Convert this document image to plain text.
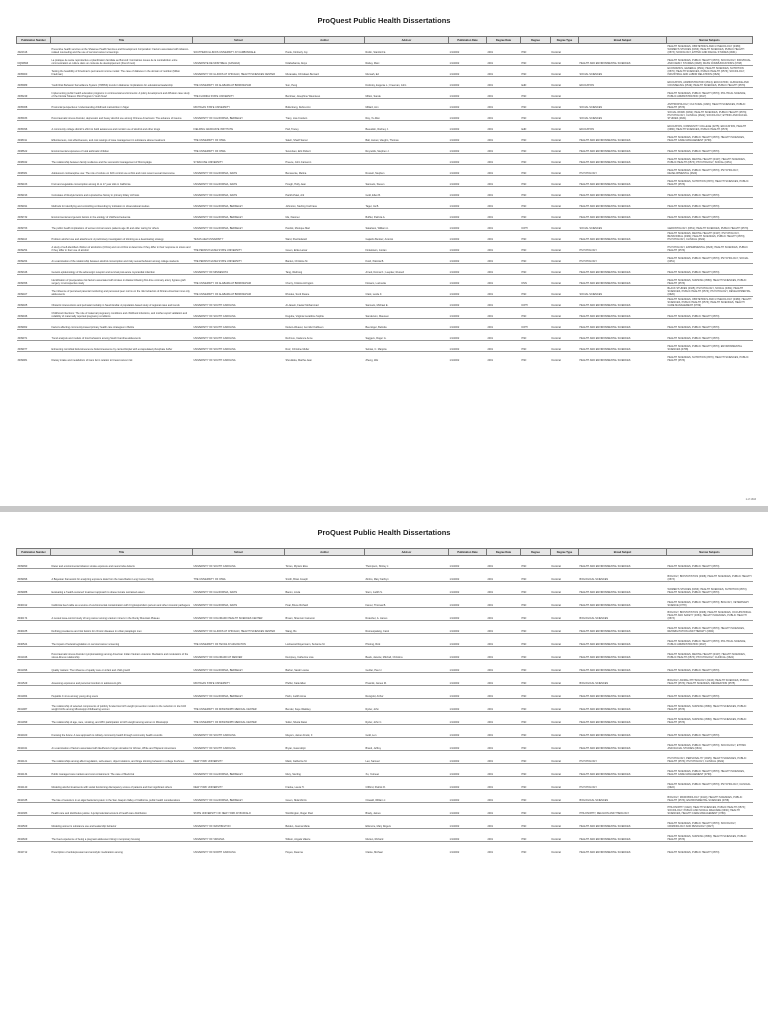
ProQuest Public Health Dissertations
Publication Number	Title	School	Author	Advisor	Publication Date	Degree Date	Degree	Degree Type	Broad Subject	Narrow Subjects
3022316	Preventive health services at the Shawnee Health Services and Development Corporation: Factors associated with tobacco-related counseling and the use of cervical cancer screenings	SOUTHERN ILLINOIS UNIVERSITY AT CARBONDALE	Poole, Kimberly Joy	Rubin, Stanford E.	1/1/2002	2001	PhD	Doctoral		HEALTH SCIENCES, OBSTETRICS AND GYNECOLOGY (0380); WOMEN'S STUDIES (0453); HEALTH SCIENCES, PUBLIC HEALTH (0573); SOCIOLOGY, ETHNIC AND RACIAL STUDIES (0631)
NQ66693	La pratique de sante reproductive et planification familiale au Burundi: Contraintes issues de la contradiction entre communication et culture dans un contexte de developpement (French text)	UNIVERSITE DE MONTREAL (CANADA)	Ndabahamia, Aloys	Rabey, Marc	1/1/2002	2001	PhD	Doctoral	HEALTH AND ENVIRONMENTAL SCIENCES	HEALTH SCIENCES, PUBLIC HEALTH (0573); SOCIOLOGY, INDIVIDUAL AND FAMILY STUDIES (0628); MASS COMMUNICATIONS (0708)
3035900	Testing the feasibility of Friedman's permanent income model: The case of diabetes in the domain of nutrition (Milton Friedman)	UNIVERSITY OF ILLINOIS AT CHICAGO, HEALTH SCIENCES CENTER	Muranaka, Christiaan Bernard	Mensah, Ed	1/1/2002	2001	PhD	Doctoral	SOCIAL SCIENCES	ECONOMICS, GENERAL (0501); HEALTH SCIENCES, NUTRITION (0570); HEALTH SCIENCES, PUBLIC HEALTH (0573); SOCIOLOGY, INDUSTRIAL AND LABOR RELATIONS (0629)
3035989	Youth Risk Behavior Surveillance System (YRBSS) trends in Alabama: Implications for educational leadership	THE UNIVERSITY OF ALABAMA AT BIRMINGHAM	Sun, Peng	Dulinsky, Eugenie L.; Freeman, John	1/1/2002	2001	EdD	Doctoral	EDUCATION	EDUCATION, ADMINISTRATION (0514); EDUCATION, GUIDANCE AND COUNSELING (0519); HEALTH SCIENCES, PUBLIC HEALTH (0573)
3035249	Implementing public health education programs in controversial environments: A policy development and diffusion case study of the Florida Tobacco Pilot Program's Youth Now!	THE FLORIDA STATE UNIVERSITY	Bershaw, Josephine Wiesnieso	Milton, Sande	1/1/2002	2001	PhD	Doctoral		HEALTH SCIENCES, PUBLIC HEALTH (0573); POLITICAL SCIENCE, PUBLIC ADMINISTRATION (0617)
3035068	Provincial perspectives: Understanding childhood malnutrition in Niger	MICHIGAN STATE UNIVERSITY	Bollenberg, Debra Ann	Millard, Ann	1/1/2002	2001	PhD	Doctoral	SOCIAL SCIENCES	ANTHROPOLOGY, CULTURAL (0326); HEALTH SCIENCES, PUBLIC HEALTH (0573)
3035933	Post-traumatic stress disorder, depression and heavy alcohol use among Chinese Americans: The advance of trauma	UNIVERSITY OF CALIFORNIA, BERKELEY	Tracy, Lisa Coulson	Ray, Yu-Wen	1/1/2002	2001	PhD	Doctoral	SOCIAL SCIENCES	SOCIAL WORK (0452); HEALTH SCIENCES, PUBLIC HEALTH (0573); PSYCHOLOGY, CLINICAL (0622); SOCIOLOGY, ETHNIC AND RACIAL STUDIES (0631)
3035096	A community college district's effort to build awareness and monitor use of alcohol and other drugs	FIELDING GRADUATE INSTITUTE	Hall, Tracey	Beaudoin, Rodney J.	1/1/2002	2001	EdD	Doctoral	EDUCATION	EDUCATION, COMMUNITY COLLEGE (0275); EDUCATION, HEALTH (0680); HEALTH SCIENCES, PUBLIC HEALTH (0573)
3038011	Effectiveness, cost effectiveness, and cost savings of case management in substance abuse treatment	THE UNIVERSITY OF IOWA	Saleh, Sharif Samer	Ball, James; Vaughn, Thomas	1/1/2002	2001	PhD	Doctoral	HEALTH AND ENVIRONMENTAL SCIENCES	HEALTH SCIENCES, PUBLIC HEALTH (0573); HEALTH SCIENCES, HEALTH CARE MANAGEMENT (0769)
3038622	Environmental exposures of rural asthmatic children	THE UNIVERSITY OF IOWA	Svendsen, Erik Robert	Reynolds, Stephen J.	1/1/2002	2001	PhD	Doctoral	HEALTH AND ENVIRONMENTAL SCIENCES	HEALTH SCIENCES, PUBLIC HEALTH (0573)
3038942	The relationship between family resilience and the successful management of fibromyalgia	SYRACUSE UNIVERSITY	Preece, John Cameron		1/1/2002	2001	PhD	Doctoral	HEALTH AND ENVIRONMENTAL SCIENCES	HEALTH SCIENCES, MENTAL HEALTH (0347); HEALTH SCIENCES, PUBLIC HEALTH (0573); PSYCHOLOGY, SOCIAL (0451)
3038381	Adolescent contraceptive use: The role of culture on birth control use at first and most recent sexual intercourse	UNIVERSITY OF CALIFORNIA, DAVIS	Benavente, Melina	Russell, Stephen	1/1/2002	2001	PhD	Doctoral	PSYCHOLOGY	HEALTH SCIENCES, PUBLIC HEALTH (0573); PSYCHOLOGY, DEVELOPMENTAL (0620)
3039163	Fruit and vegetable consumption among 11 to 17 year olds in California	UNIVERSITY OF CALIFORNIA, DAVIS	Hough, Holly Jean	Samuels, Steven	1/1/2002	2001	PhD	Doctoral	HEALTH AND ENVIRONMENTAL SCIENCES	HEALTH SCIENCES, NUTRITION (0570); HEALTH SCIENCES, PUBLIC HEALTH (0573)
3039193	Correlates of lifestyle factors and reproductive history in primary biliary cirrhosis	UNIVERSITY OF CALIFORNIA, DAVIS	Parikh-Patel, Arti	Gold, Ellen B.	1/1/2002	2001	PhD	Doctoral	HEALTH AND ENVIRONMENTAL SCIENCES	HEALTH SCIENCES, PUBLIC HEALTH (0573)
3039491	Methods for identifying and controlling confounding by indication in observational studies	UNIVERSITY OF CALIFORNIA, BERKELEY	Johnston, Sterling Cochrane	Tager, Ira B.	1/1/2002	2001	PhD	Doctoral	HEALTH AND ENVIRONMENTAL SCIENCES	HEALTH SCIENCES, PUBLIC HEALTH (0573)
3039732	Environmental and genetic factors in the etiology of childhood leukemia	UNIVERSITY OF CALIFORNIA, BERKELEY	Ma, Xiaomei	Buffler, Patricia A.	1/1/2002	2001	PhD	Doctoral	HEALTH AND ENVIRONMENTAL SCIENCES	HEALTH SCIENCES, PUBLIC HEALTH (0573)
3039763	The public health implications of women-formal carers patients age 40 and older caring for others	UNIVERSITY OF CALIFORNIA, BERKELEY	Pavlick, Monique Mari	Satariano, William A.	1/1/2002	2001	DrPH	Doctoral	SOCIAL SCIENCES	GERONTOLOGY (0351); HEALTH SCIENCES, PUBLIC HEALTH (0573)
3039116	Problem alcohol use and attachment: A preliminary investigation of drinking as a deactivating strategy	TEXAS A&M UNIVERSITY	Ward, Paul Edward	Gajardo Benitez, Antonio	1/1/2002	2001	PhD	Doctoral	HEALTH AND ENVIRONMENTAL SCIENCES	HEALTH SCIENCES, MENTAL HEALTH (0347); PSYCHOLOGY, BEHAVIORAL (0384); HEALTH SCIENCES, PUBLIC HEALTH (0573); PSYCHOLOGY, CLINICAL (0622)
3039254	A study of self-identified children of alcoholics (COAs) and non-COAs to determine if they differ in their response to stress and if they differ in their use of alcohol	THE PENNSYLVANIA STATE UNIVERSITY	Green, Erika Lamar	Finkelstein, Jordan	1/1/2002	2001	PhD	Doctoral	PSYCHOLOGY	PSYCHOLOGY, EXPERIMENTAL (0623); HEALTH SCIENCES, PUBLIC HEALTH (0573)
3039264	An examination of the relationship between alcohol consumption and risky sexual behavior among college students	THE PENNSYLVANIA STATE UNIVERSITY	Banlen, Christine M.	Kosh, Patricia B.	1/1/2002	2001	PhD	Doctoral	PSYCHOLOGY	HEALTH SCIENCES, PUBLIC HEALTH (0573); PSYCHOLOGY, SOCIAL (0451)
3039346	Genetic epidemiology of the adrenergic receptor and survival post-acute myocardial infarction	UNIVERSITY OF MINNESOTA	Tang, Weihong	Arnett, Donna K.; Luepker, Russell	1/1/2002	2001	PhD	Doctoral	HEALTH AND ENVIRONMENTAL SCIENCES	HEALTH SCIENCES, PUBLIC HEALTH (0573)
3039356	Identification of preoperative risk factors associated with strokes in Alaska following first-time coronary artery bypass graft surgery: A retrospective study	THE UNIVERSITY OF ALABAMA AT BIRMINGHAM	Cherry, Kristina Arrington	Flowers, Lucinetta	1/1/2002	2001	DSN	Doctoral	HEALTH AND ENVIRONMENTAL SCIENCES	HEALTH SCIENCES, NURSING (0569); HEALTH SCIENCES, PUBLIC HEALTH (0573)
3039407	The influence of perceived parental monitoring and perceived peer norms on the risk behaviors of African-American inner-city adolescents	THE UNIVERSITY OF ALABAMA AT BIRMINGHAM	Rhodes, Scott Duane	Clark, Leslie F.	1/1/2002	2001	PhD	Doctoral	SOCIAL SCIENCES	BLACK STUDIES (0325); PSYCHOLOGY, SOCIAL (0451); HEALTH SCIENCES, PUBLIC HEALTH (0573); PSYCHOLOGY, DEVELOPMENTAL (0620)
3039925	Obstetric interventions and perinatal mortality in Saudi Arabia: A population-based study of regional rates and trends	UNIVERSITY OF SOUTH CAROLINA	Al-Jaieeb, Fawaz Mohammad	Samuels, Michael E.	1/1/2002	2001	DrPH	Doctoral	HEALTH AND ENVIRONMENTAL SCIENCES	HEALTH SCIENCES, OBSTETRICS AND GYNECOLOGY (0380); HEALTH SCIENCES, PUBLIC HEALTH (0573); HEALTH SCIENCES, HEALTH CARE MANAGEMENT (0769)
3039946	Childhood infections: The role of maternal pregnancy conditions and childhood infections, and mother-report validation and reliability of maternally reported pregnancy conditions	UNIVERSITY OF SOUTH CAROLINA	Dugube, Virginia Geraldine Sophie	Sanderson, Maureen	1/1/2002	2001	PhD	Doctoral	HEALTH AND ENVIRONMENTAL SCIENCES	HEALTH SCIENCES, PUBLIC HEALTH (0573)
3039962	Factors affecting community-based primary health care strategies in Belize	UNIVERSITY OF SOUTH CAROLINA	Nelson-Weaver, Jennifer Kathleen	Beeninger, Belinda	1/1/2002	2001	DrPH	Doctoral	HEALTH AND ENVIRONMENTAL SCIENCES	HEALTH SCIENCES, PUBLIC HEALTH (0573)
3039971	Trend analysis and models of food behaviors among South Carolina adolescents	UNIVERSITY OF SOUTH CAROLINA	Rehmus, Cadence Anne	Saggers, Roger G.	1/1/2002	2001	PhD	Doctoral	HEALTH AND ENVIRONMENTAL SCIENCES	HEALTH SCIENCES, PUBLIC HEALTH (0573)
3039977	Enhancing microbial bioluminescence bioluminescence by carrier/droplet with encapsulated phosphate buffer	UNIVERSITY OF SOUTH CAROLINA	Ruiz, Christine Muller	Sebias, C. Marjorie	1/1/2002	2001	PhD	Doctoral	HEALTH AND ENVIRONMENTAL SCIENCES	HEALTH SCIENCES, PUBLIC HEALTH (0573); ENVIRONMENTAL SCIENCES (0768)
3039981	Dietary intake and metabolism of trans fat in relation to breast cancer risk	UNIVERSITY OF SOUTH CAROLINA	Shouldula, Martha Jean	Zheng, Wei	1/1/2002	2001	PhD	Doctoral	HEALTH AND ENVIRONMENTAL SCIENCES	HEALTH SCIENCES, NUTRITION (0570); HEALTH SCIENCES, PUBLIC HEALTH (0573)
1 of 1316
ProQuest Public Health Dissertations
Publication Number	Title	School	Author	Advisor	Publication Date	Degree Date	Degree	Degree Type	Broad Subject	Narrow Subjects
3039990	Dieter and environmental tobacco smoke exposure and neural tube defects	UNIVERSITY OF SOUTH CAROLINA	Torres, Myriam Elsa	Thompson, Shirley J.	1/1/2002	2001	PhD	Doctoral	HEALTH AND ENVIRONMENTAL SCIENCES	HEALTH SCIENCES, PUBLIC HEALTH (0573)
3039996	A Bayesian framework for analyzing exposure data from the Iowa Radon Lung Cancer Study	THE UNIVERSITY OF IOWA	Smith, Brian Joseph	Zimbo, Mary Kathryn	1/1/2002	2001	PhD	Doctoral	BIOLOGICAL SCIENCES	BIOLOGY, BIOSTATISTICS (0308); HEALTH SCIENCES, PUBLIC HEALTH (0573)
3039988	Evaluating a 'health-centered' treatment approach to obese female restrained eaters	UNIVERSITY OF CALIFORNIA, DAVIS	Bacon, Linda	Stern, Judith S.	1/1/2002	2001	PhD	Doctoral	HEALTH AND ENVIRONMENTAL SCIENCES	WOMEN'S STUDIES (0453); HEALTH SCIENCES, NUTRITION (0570); HEALTH SCIENCES, PUBLIC HEALTH (0573)
3040012	California beef cattle as a source of environmental contamination with Cryptosporidium parvum and other zoonotic pathogens	UNIVERSITY OF CALIFORNIA, DAVIS	Hoar, Bruce Richard	Farver, Thomas B.	1/1/2002	2001	PhD	Doctoral	HEALTH AND ENVIRONMENTAL SCIENCES	HEALTH SCIENCES, PUBLIC HEALTH (0573); BIOLOGY, VETERINARY SCIENCE (0778)
3040174	A nested case-control study of lung cancer among uranium miners in the Rocky Mountain Plateau	UNIVERSITY OF COLORADO HEALTH SCIENCES CENTER	Brown, Shannon Cameron	Rutenber, A. James	1/1/2002	2001	PhD	Doctoral	BIOLOGICAL SCIENCES	BIOLOGY, BIOSTATISTICS (0308); HEALTH SCIENCES, OCCUPATIONAL HEALTH AND SAFETY (0354); HEALTH SCIENCES, PUBLIC HEALTH (0573)
3040185	Defining prevalence and risk factors for chronic diseases in urban paraplegic men	UNIVERSITY OF ILLINOIS AT CHICAGO, HEALTH SCIENCES CENTER	Wang, Bo	Roonespalang, Carol	1/1/2002	2001	PhD	Doctoral	HEALTH AND ENVIRONMENTAL SCIENCES	HEALTH SCIENCES, PUBLIC HEALTH (0573); HEALTH SCIENCES, REHABILITATION AND THERAPY (0382)
3040524	The impact of federal legislation on cervical cancer screening	THE UNIVERSITY OF TEXAS AT ARLINGTON	Lockwood Rayermann, Suzanne M.	Pfoning, Rick	1/1/2002	2001	PhD	Doctoral	HEALTH AND ENVIRONMENTAL SCIENCES	HEALTH SCIENCES, PUBLIC HEALTH (0573); POLITICAL SCIENCE, PUBLIC ADMINISTRATION (0617)
3041046	Post-traumatic stress disorder symptomatology among American Indian Vietnam veterans: Mediators and moderators of the stress-illness relationship	UNIVERSITY OF COLORADO AT DENVER	Dempsey, Catherine Lisa	Beals, Janette; Mitchell, Christina	1/1/2002	2001	PhD	Doctoral	HEALTH AND ENVIRONMENTAL SCIENCES	HEALTH SCIENCES, MENTAL HEALTH (0347); HEALTH SCIENCES, PUBLIC HEALTH (0573); PSYCHOLOGY, CLINICAL (0622)
3041096	Quality matters: The influence of quality care on infant and child growth	UNIVERSITY OF CALIFORNIA, BERKELEY	Barber, Sarah Louise	Gertler, Paul J.	1/1/2002	2001	PhD	Doctoral	HEALTH AND ENVIRONMENTAL SCIENCES	HEALTH SCIENCES, PUBLIC HEALTH (0573)
3041529	Assessing exposures and personal monitors in adolescent girls	MICHIGAN STATE UNIVERSITY	Pfeffer, Katie Ellen	Pivarnik, James M.	1/1/2002	2001	PhD	Doctoral	BIOLOGICAL SCIENCES	BIOLOGY, ANIMAL PHYSIOLOGY (0433); HEALTH SCIENCES, PUBLIC HEALTH (0573); HEALTH SCIENCES, RECREATION (0575)
3041964	Hepatitis C virus among young drug users	UNIVERSITY OF CALIFORNIA, BERKELEY	Hahn, Judith Anna	Reingold, Arthur	1/1/2002	2001	PhD	Doctoral	HEALTH AND ENVIRONMENTAL SCIENCES	HEALTH SCIENCES, PUBLIC HEALTH (0573)
3041987	The relationship of selected components of publicly funded low birth weight prevention models to the reduction in low birth weight births among Mississippi childbearing women	THE UNIVERSITY OF MISSISSIPPI MEDICAL CENTER	Bender, Kaye Wadsley	Ryder, John	1/1/2002	2001	PhD	Doctoral	HEALTH AND ENVIRONMENTAL SCIENCES	HEALTH SCIENCES, NURSING (0569); HEALTH SCIENCES, PUBLIC HEALTH (0573)
3041999	The relationship of age, race, smoking, and WIC participation to birth weight among women in Mississippi	THE UNIVERSITY OF MISSISSIPPI MEDICAL CENTER	Soller, Sheila Dawn	Ryder, John C.	1/1/2002	2001	PhD	Doctoral	HEALTH AND ENVIRONMENTAL SCIENCES	HEALTH SCIENCES, NURSING (0569); HEALTH SCIENCES, PUBLIC HEALTH (0573)
3042020	Knowing the future: A new approach to military community health through community health councils	UNIVERSITY OF SOUTH CAROLINA	Meyers, James Frank, II	Gold, Len	1/1/2002	2001	PhD	Doctoral	HEALTH AND ENVIRONMENTAL SCIENCES	HEALTH SCIENCES, PUBLIC HEALTH (0573)
3042041	An examination of factors associated with likelihood of organ donation for African, White and Hispanic Americans	UNIVERSITY OF SOUTH CAROLINA	Bryan, Gwendolyn	Brand, Jeffrey	1/1/2002	2001	PhD	Doctoral	HEALTH AND ENVIRONMENTAL SCIENCES	HEALTH SCIENCES, PUBLIC HEALTH (0573); SOCIOLOGY, ETHNIC AND RACIAL STUDIES (0631)
3042121	The relationships among affect regulation, self-esteem, object relations, and binge drinking behavior in college freshmen	NEW YORK UNIVERSITY	Mack, Catherine M.	Leo, Samuel	1/1/2002	2001	PhD	Doctoral	PSYCHOLOGY	PSYCHOLOGY, PERSONALITY (0625); HEALTH SCIENCES, PUBLIC HEALTH (0573); PSYCHOLOGY, CLINICAL (0622)
3042134	Public managed care markets and cost containment: The case of Medi-Cal	UNIVERSITY OF CALIFORNIA, BERKELEY	Mery, Sterling	Xu, Yetmeet	1/1/2002	2001	PhD	Doctoral	HEALTH AND ENVIRONMENTAL SCIENCES	HEALTH SCIENCES, PUBLIC HEALTH (0573); HEALTH SCIENCES, HEALTH CARE MANAGEMENT (0769)
3042140	Modeling alcohol treatments with social functioning discrepancy scores of patients and their significant others	NEW YORK UNIVERSITY	Franke, Laura H.	Clifford, Patrick R.	1/1/2002	2001	PhD	Doctoral	PSYCHOLOGY	HEALTH SCIENCES, PUBLIC HEALTH (0573); PSYCHOLOGY, CLINICAL (0622)
3042335	The fate of selenium in an algal bacterial system in the San Joaquin Valley of California, public health considerations	UNIVERSITY OF CALIFORNIA, BERKELEY	Green, Nida Morris	Oswald, William J.	1/1/2002	2001	PhD	Doctoral	BIOLOGICAL SCIENCES	BIOLOGY, MICROBIOLOGY (0410); HEALTH SCIENCES, PUBLIC HEALTH (0573); ENVIRONMENTAL SCIENCES (0768)
3042383	Health care and distributive justice: A jurisprudential account of health care distribution	STATE UNIVERSITY OF NEW YORK AT BUFFALO	Worthington, Roger Paul	Brady, James	1/1/2002	2001	PhD	Doctoral	PHILOSOPHY, RELIGION AND THEOLOGY	PHILOSOPHY (0422); HEALTH SCIENCES, PUBLIC HEALTH (0573); SOCIOLOGY, PUBLIC AND SOCIAL WELFARE (0630); HEALTH SCIENCES, HEALTH CARE MANAGEMENT (0769)
3042509	Modeling women's substance use and leadership behavior	UNIVERSITY OF WASHINGTON	Belden, Joanna Marie	Ellsmore, Mary Rogers	1/1/2002	2001	PhD	Doctoral	HEALTH AND ENVIRONMENTAL SCIENCES	HEALTH SCIENCES, PUBLIC HEALTH (0573); SOCIOLOGY, CRIMINOLOGY AND PENOLOGY (0627)
3042609	The lived experience of being a pregnant adolescent living in temporary housing	UNIVERSITY OF VIRGINIA	Wilson, Angela Valerie	Merten, Richard	1/1/2002	2001	PhD	Doctoral	HEALTH AND ENVIRONMENTAL SCIENCES	HEALTH SCIENCES, NURSING (0569); HEALTH SCIENCES, PUBLIC HEALTH (0573)
3042712	Prescription of antidepressant and anxiolytic medications among	UNIVERSITY OF NORTH CAROLINA	Hayes, Deanna	Clarke, Michael	1/1/2002	2001	PhD	Doctoral	HEALTH AND ENVIRONMENTAL SCIENCES	HEALTH SCIENCES, PUBLIC HEALTH (0573)
